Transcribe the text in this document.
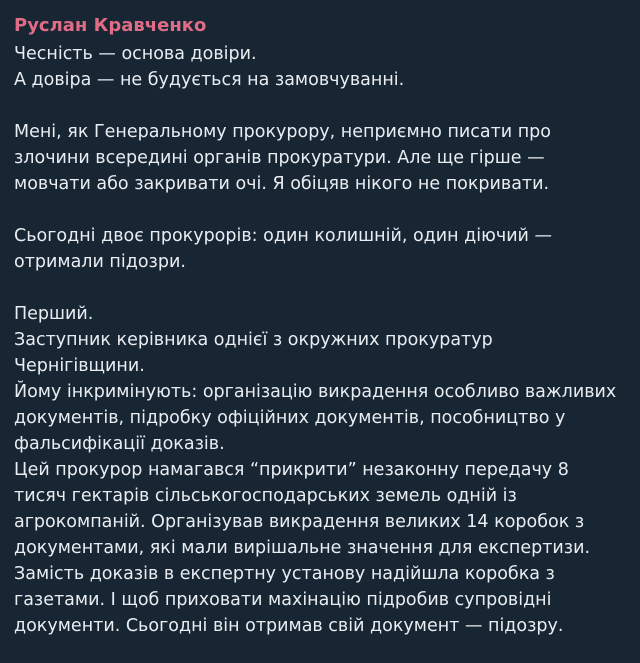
Руслан Кравченко
Чесність — основа довіри.
А довіра — не будується на замовчуванні.
Мені, як Генеральному прокурору, неприємно писати про
злочини всередині органів прокуратури. Але ще гірше —
мовчати або закривати очі. Я обіцяв нікого не покривати.
Сьогодні двоє прокурорів: один колишній, один діючий —
отримали підозри.
Перший.
Заступник керівника однієї з окружних прокуратур
Чернігівщини.
Йому інкримінують: організацію викрадення особливо важливих
документів, підробку офіційних документів, пособництво у
фальсифікації доказів.
Цей прокурор намагався “прикрити” незаконну передачу 8
тисяч гектарів сільськогосподарських земель одній із
агрокомпаній. Організував викрадення великих 14 коробок з
документами, які мали вирішальне значення для експертизи.
Замість доказів в експертну установу надійшла коробка з
газетами. І щоб приховати махінацію підробив супровідні
документи. Сьогодні він отримав свій документ — підозру.
